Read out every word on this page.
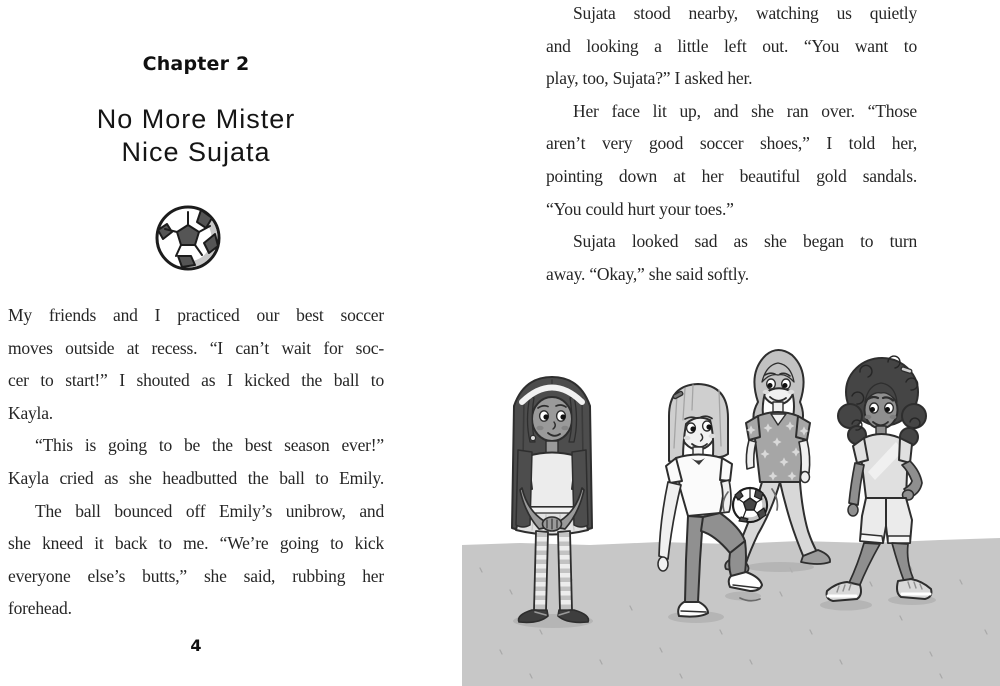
Chapter 2
No More Mister
Nice Sujata
My friends and I practiced our best soccer
moves outside at recess. “I can’t wait for soc-
cer to start!” I shouted as I kicked the ball to
Kayla.
“This is going to be the best season ever!”
Kayla cried as she headbutted the ball to Emily.
The ball bounced off Emily’s unibrow, and
she kneed it back to me. “We’re going to kick
everyone else’s butts,” she said, rubbing her
forehead.
4
Sujata stood nearby, watching us quietly
and looking a little left out. “You want to
play, too, Sujata?” I asked her.
Her face lit up, and she ran over. “Those
aren’t very good soccer shoes,” I told her,
pointing down at her beautiful gold sandals.
“You could hurt your toes.”
Sujata looked sad as she began to turn
away. “Okay,” she said softly.
